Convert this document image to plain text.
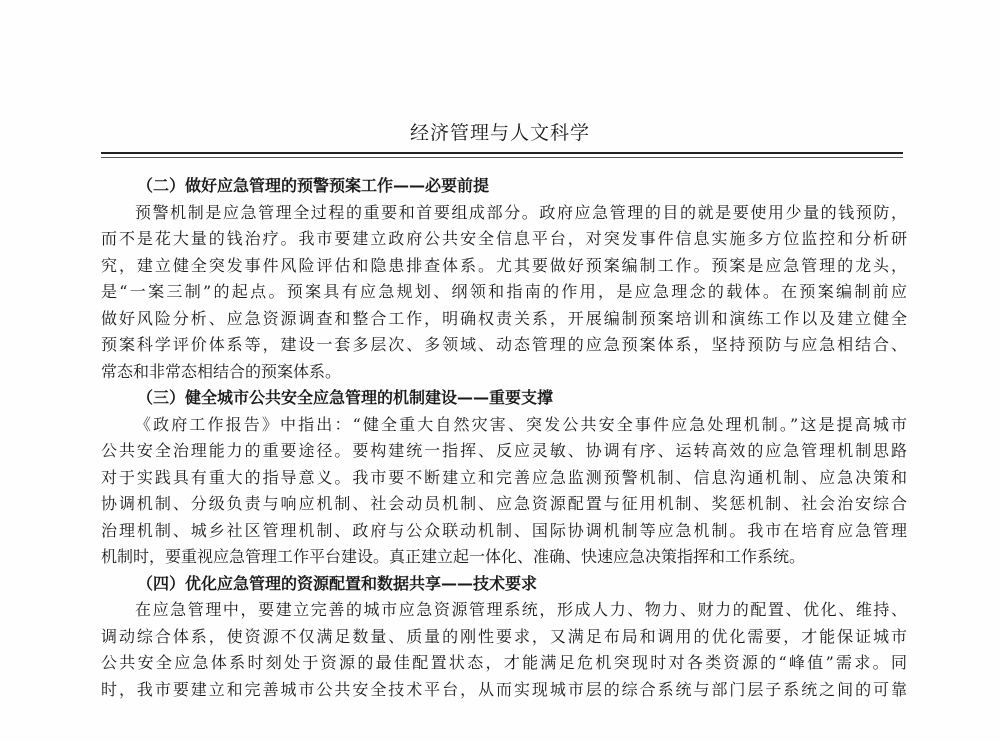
经济管理与人文科学
（二）做好应急管理的预警预案工作——必要前提
预警机制是应急管理全过程的重要和首要组成部分。政府应急管理的目的就是要使用少量的钱预防，
而不是花大量的钱治疗。我市要建立政府公共安全信息平台，对突发事件信息实施多方位监控和分析研
究，建立健全突发事件风险评估和隐患排查体系。尤其要做好预案编制工作。预案是应急管理的龙头，
是“一案三制”的起点。预案具有应急规划、纲领和指南的作用，是应急理念的载体。在预案编制前应
做好风险分析、应急资源调查和整合工作，明确权责关系，开展编制预案培训和演练工作以及建立健全
预案科学评价体系等，建设一套多层次、多领域、动态管理的应急预案体系，坚持预防与应急相结合、
常态和非常态相结合的预案体系。
（三）健全城市公共安全应急管理的机制建设——重要支撑
《政府工作报告》中指出：“健全重大自然灾害、突发公共安全事件应急处理机制。”这是提高城市
公共安全治理能力的重要途径。要构建统一指挥、反应灵敏、协调有序、运转高效的应急管理机制思路
对于实践具有重大的指导意义。我市要不断建立和完善应急监测预警机制、信息沟通机制、应急决策和
协调机制、分级负责与响应机制、社会动员机制、应急资源配置与征用机制、奖惩机制、社会治安综合
治理机制、城乡社区管理机制、政府与公众联动机制、国际协调机制等应急机制。我市在培育应急管理
机制时，要重视应急管理工作平台建设。真正建立起一体化、准确、快速应急决策指挥和工作系统。
（四）优化应急管理的资源配置和数据共享——技术要求
在应急管理中，要建立完善的城市应急资源管理系统，形成人力、物力、财力的配置、优化、维持、
调动综合体系，使资源不仅满足数量、质量的刚性要求，又满足布局和调用的优化需要，才能保证城市
公共安全应急体系时刻处于资源的最佳配置状态，才能满足危机突现时对各类资源的“峰值”需求。同
时，我市要建立和完善城市公共安全技术平台，从而实现城市层的综合系统与部门层子系统之间的可靠
